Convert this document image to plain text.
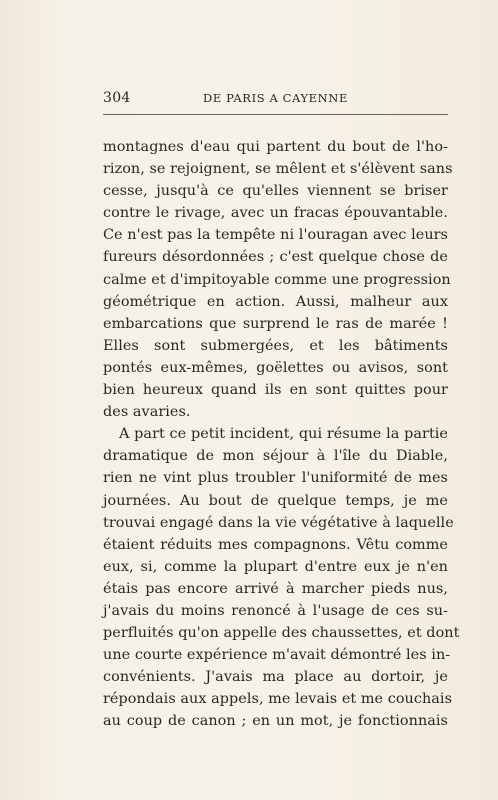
304	DE PARIS A CAYENNE
montagnes d'eau qui partent du bout de l'ho-
rizon, se rejoignent, se mêlent et s'élèvent sans
cesse, jusqu'à ce qu'elles viennent se briser
contre le rivage, avec un fracas épouvantable.
Ce n'est pas la tempête ni l'ouragan avec leurs
fureurs désordonnées ; c'est quelque chose de
calme et d'impitoyable comme une progression
géométrique en action. Aussi, malheur aux
embarcations que surprend le ras de marée !
Elles sont submergées, et les bâtiments
pontés eux-mêmes, goëlettes ou avisos, sont
bien heureux quand ils en sont quittes pour
des avaries.
A part ce petit incident, qui résume la partie
dramatique de mon séjour à l'île du Diable,
rien ne vint plus troubler l'uniformité de mes
journées. Au bout de quelque temps, je me
trouvai engagé dans la vie végétative à laquelle
étaient réduits mes compagnons. Vêtu comme
eux, si, comme la plupart d'entre eux je n'en
étais pas encore arrivé à marcher pieds nus,
j'avais du moins renoncé à l'usage de ces su-
perfluités qu'on appelle des chaussettes, et dont
une courte expérience m'avait démontré les in-
convénients. J'avais ma place au dortoir, je
répondais aux appels, me levais et me couchais
au coup de canon ; en un mot, je fonctionnais
